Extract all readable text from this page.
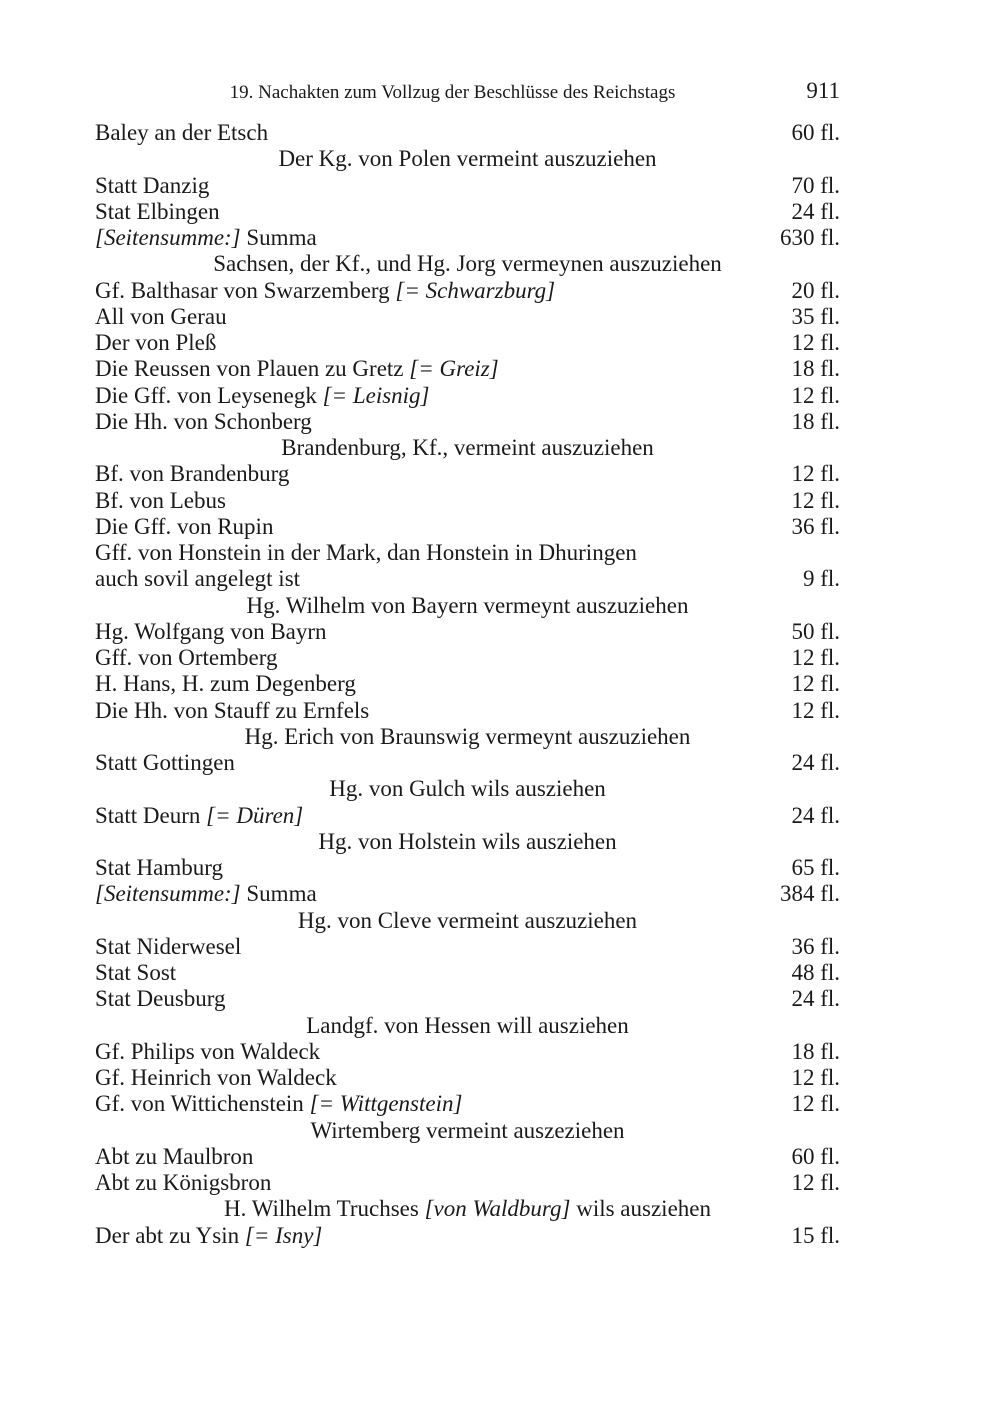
19. Nachakten zum Vollzug der Beschlüsse des Reichstags	911
Baley an der Etsch	60 fl.
Der Kg. von Polen vermeint auszuziehen
Statt Danzig	70 fl.
Stat Elbingen	24 fl.
[Seitensumme:] Summa	630 fl.
Sachsen, der Kf., und Hg. Jorg vermeynen auszuziehen
Gf. Balthasar von Swarzemberg [= Schwarzburg]	20 fl.
All von Gerau	35 fl.
Der von Pleß	12 fl.
Die Reussen von Plauen zu Gretz [= Greiz]	18 fl.
Die Gff. von Leysenegk [= Leisnig]	12 fl.
Die Hh. von Schonberg	18 fl.
Brandenburg, Kf., vermeint auszuziehen
Bf. von Brandenburg	12 fl.
Bf. von Lebus	12 fl.
Die Gff. von Rupin	36 fl.
Gff. von Honstein in der Mark, dan Honstein in Dhuringen
auch sovil angelegt ist	9 fl.
Hg. Wilhelm von Bayern vermeynt auszuziehen
Hg. Wolfgang von Bayrn	50 fl.
Gff. von Ortemberg	12 fl.
H. Hans, H. zum Degenberg	12 fl.
Die Hh. von Stauff zu Ernfels	12 fl.
Hg. Erich von Braunswig vermeynt auszuziehen
Statt Gottingen	24 fl.
Hg. von Gulch wils ausziehen
Statt Deurn [= Düren]	24 fl.
Hg. von Holstein wils ausziehen
Stat Hamburg	65 fl.
[Seitensumme:] Summa	384 fl.
Hg. von Cleve vermeint auszuziehen
Stat Niderwesel	36 fl.
Stat Sost	48 fl.
Stat Deusburg	24 fl.
Landgf. von Hessen will ausziehen
Gf. Philips von Waldeck	18 fl.
Gf. Heinrich von Waldeck	12 fl.
Gf. von Wittichenstein [= Wittgenstein]	12 fl.
Wirtemberg vermeint auszeziehen
Abt zu Maulbron	60 fl.
Abt zu Königsbron	12 fl.
H. Wilhelm Truchses [von Waldburg] wils ausziehen
Der abt zu Ysin [= Isny]	15 fl.
